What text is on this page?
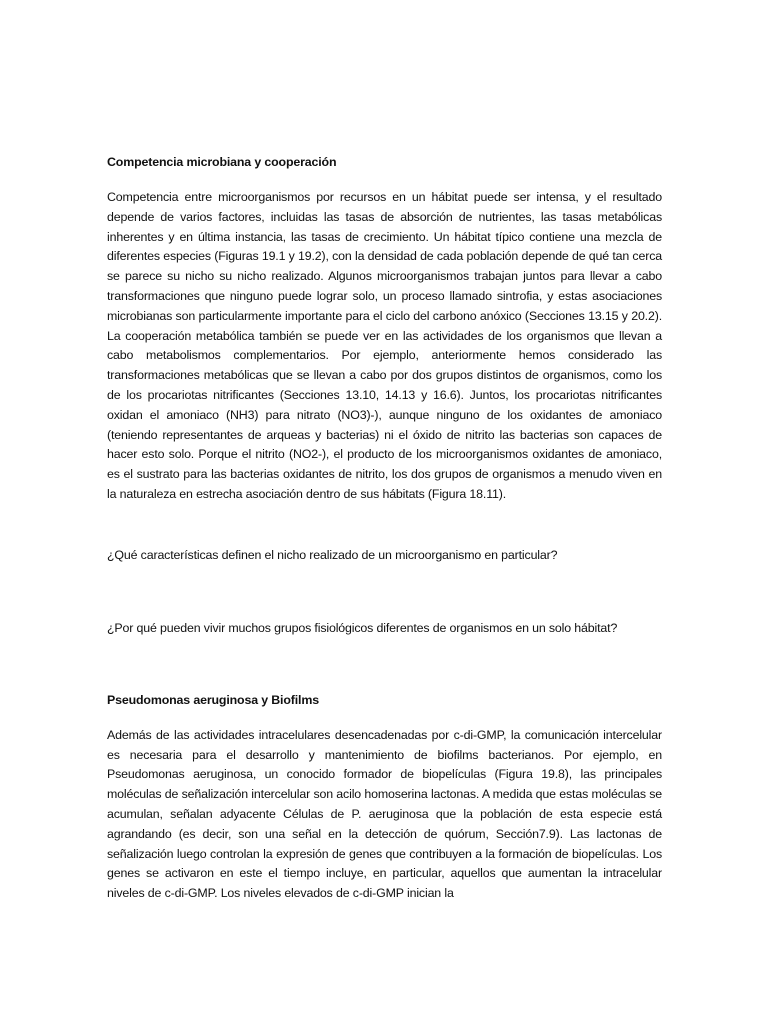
Competencia microbiana y cooperación

Competencia entre microorganismos por recursos en un hábitat puede ser intensa, y el resultado depende de varios factores, incluidas las tasas de absorción de nutrientes, las tasas metabólicas inherentes y en última instancia, las tasas de crecimiento. Un hábitat típico contiene una mezcla de diferentes especies (Figuras 19.1 y 19.2), con la densidad de cada población depende de qué tan cerca se parece su nicho su nicho realizado. Algunos microorganismos trabajan juntos para llevar a cabo transformaciones que ninguno puede lograr solo, un proceso llamado sintrofia, y estas asociaciones microbianas son particularmente importante para el ciclo del carbono anóxico (Secciones 13.15 y 20.2). La cooperación metabólica también se puede ver en las actividades de los organismos que llevan a cabo metabolismos complementarios. Por ejemplo, anteriormente hemos considerado las transformaciones metabólicas que se llevan a cabo por dos grupos distintos de organismos, como los de los procariotas nitrificantes (Secciones 13.10, 14.13 y 16.6). Juntos, los procariotas nitrificantes oxidan el amoniaco (NH3) para nitrato (NO3)-), aunque ninguno de los oxidantes de amoniaco (teniendo representantes de arqueas y bacterias) ni el óxido de nitrito las bacterias son capaces de hacer esto solo. Porque el nitrito (NO2-), el producto de los microorganismos oxidantes de amoniaco, es el sustrato para las bacterias oxidantes de nitrito, los dos grupos de organismos a menudo viven en la naturaleza en estrecha asociación dentro de sus hábitats (Figura 18.11).

¿Qué características definen el nicho realizado de un microorganismo en particular?

¿Por qué pueden vivir muchos grupos fisiológicos diferentes de organismos en un solo hábitat?

Pseudomonas aeruginosa y Biofilms

Además de las actividades intracelulares desencadenadas por c-di-GMP, la comunicación intercelular es necesaria para el desarrollo y mantenimiento de biofilms bacterianos. Por ejemplo, en Pseudomonas aeruginosa, un conocido formador de biopelículas (Figura 19.8), las principales moléculas de señalización intercelular son acilo homoserina lactonas. A medida que estas moléculas se acumulan, señalan adyacente Células de P. aeruginosa que la población de esta especie está agrandando (es decir, son una señal en la detección de quórum, Sección7.9). Las lactonas de señalización luego controlan la expresión de genes que contribuyen a la formación de biopelículas. Los genes se activaron en este el tiempo incluye, en particular, aquellos que aumentan la intracelular niveles de c-di-GMP. Los niveles elevados de c-di-GMP inician la
